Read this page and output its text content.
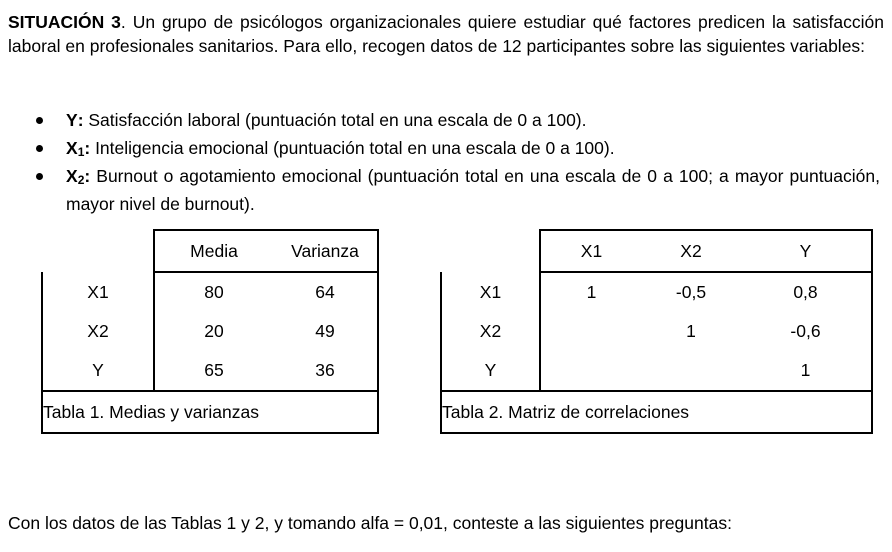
SITUACIÓN 3. Un grupo de psicólogos organizacionales quiere estudiar qué factores predicen la satisfacción laboral en profesionales sanitarios. Para ello, recogen datos de 12 participantes sobre las siguientes variables:
Y: Satisfacción laboral (puntuación total en una escala de 0 a 100).
$X_1$: Inteligencia emocional (puntuación total en una escala de 0 a 100).
$X_2$: Burnout o agotamiento emocional (puntuación total en una escala de 0 a 100; a mayor puntuación, mayor nivel de burnout).
	Media	Varianza
X1	80	64
X2	20	49
Y	65	36
Tabla 1. Medias y varianzas		
	X1	X2	Y
X1	1	-0,5	0,8
X2		1	-0,6
Y			1
Tabla 2. Matriz de correlaciones			
Con los datos de las Tablas 1 y 2, y tomando alfa = 0,01, conteste a las siguientes preguntas:
